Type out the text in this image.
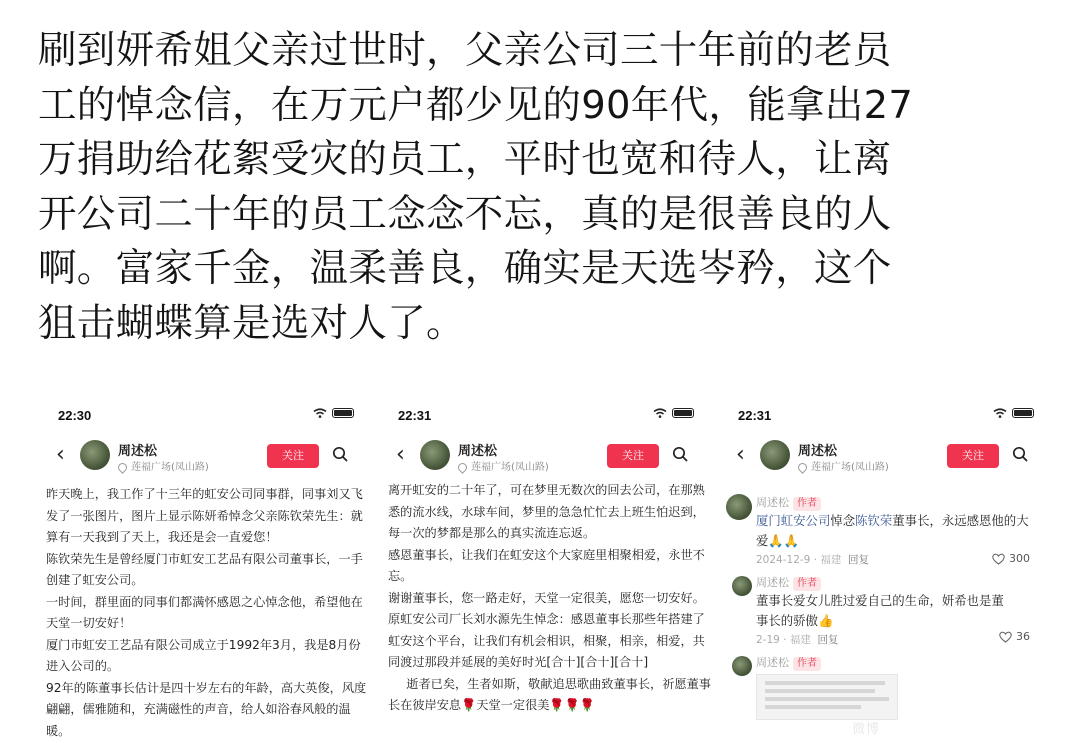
刷到妍希姐父亲过世时，父亲公司三十年前的老员
工的悼念信，在万元户都少见的90年代，能拿出27
万捐助给花絮受灾的员工，平时也宽和待人，让离
开公司二十年的员工念念不忘，真的是很善良的人
啊。富家千金，温柔善良，确实是天选岑矜，这个
狙击蝴蝶算是选对人了。
22:30
‹	周述松
莲福广场(凤山路)
关注
昨天晚上，我工作了十三年的虹安公司同事群，同事刘又飞发了一张图片，图片上显示陈妍希悼念父亲陈钦荣先生：就算有一天我到了天上，我还是会一直爱您！
陈钦荣先生是曾经厦门市虹安工艺品有限公司董事长，一手创建了虹安公司。
一时间，群里面的同事们都满怀感恩之心悼念他，希望他在天堂一切安好！
厦门市虹安工艺品有限公司成立于1992年3月，我是8月份进入公司的。
92年的陈董事长估计是四十岁左右的年龄，高大英俊，风度翩翩，儒雅随和，充满磁性的声音，给人如浴春风般的温暖。
22:31
‹	周述松
莲福广场(凤山路)
关注
离开虹安的二十年了，可在梦里无数次的回去公司，在那熟悉的流水线，水球车间，梦里的急急忙忙去上班生怕迟到，每一次的梦都是那么的真实流连忘返。
感恩董事长，让我们在虹安这个大家庭里相聚相爱，永世不忘。
谢谢董事长，您一路走好，天堂一定很美，愿您一切安好。
原虹安公司厂长刘水源先生悼念：感恩董事长那些年搭建了虹安这个平台，让我们有机会相识，相聚，相亲，相爱，共同渡过那段并延展的美好时光[合十][合十][合十]
逝者已矣，生者如斯，敬献追思歌曲致董事长，祈愿董事长在彼岸安息🌹天堂一定很美🌹🌹🌹
22:31
‹	周述松
莲福广场(凤山路)
关注
周述松 作者
厦门虹安公司悼念陈钦荣董事长，永远感恩他的大爱🙏🙏
2024-12-9 · 福建 回复	300
周述松 作者
董事长爱女儿胜过爱自己的生命，妍希也是董事长的骄傲👍
2-19 · 福建 回复	36
周述松 作者
微博
